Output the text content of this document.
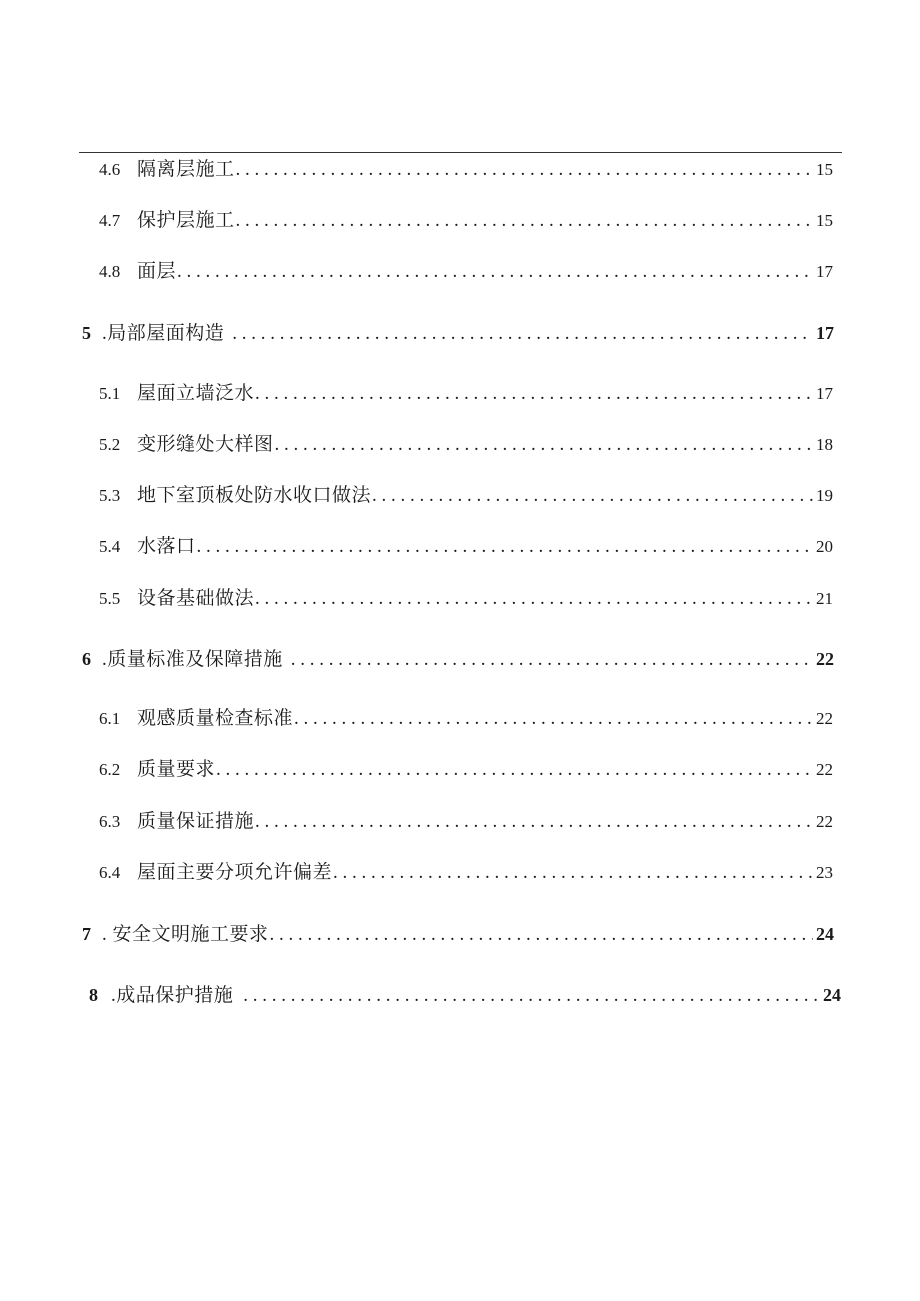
4.6 隔离层施工 . . .	15
4.7 保护层施工 . . .	15
4.8 面层 . . .	17
5 .局部屋面构造 . . .	17
5.1 屋面立墙泛水 . . .	17
5.2 变形缝处大样图 . . .	18
5.3 地下室顶板处防水收口做法 . . .	19
5.4 水落口 . . .	20
5.5 设备基础做法 . . .	21
6 .质量标准及保障措施 . . .	22
6.1 观感质量检查标准 . . .	22
6.2 质量要求 . . .	22
6.3 质量保证措施 . . .	22
6.4 屋面主要分项允许偏差 . . .	23
7 . 安全文明施工要求 . . .	24
8 .成品保护措施 . . .	24
